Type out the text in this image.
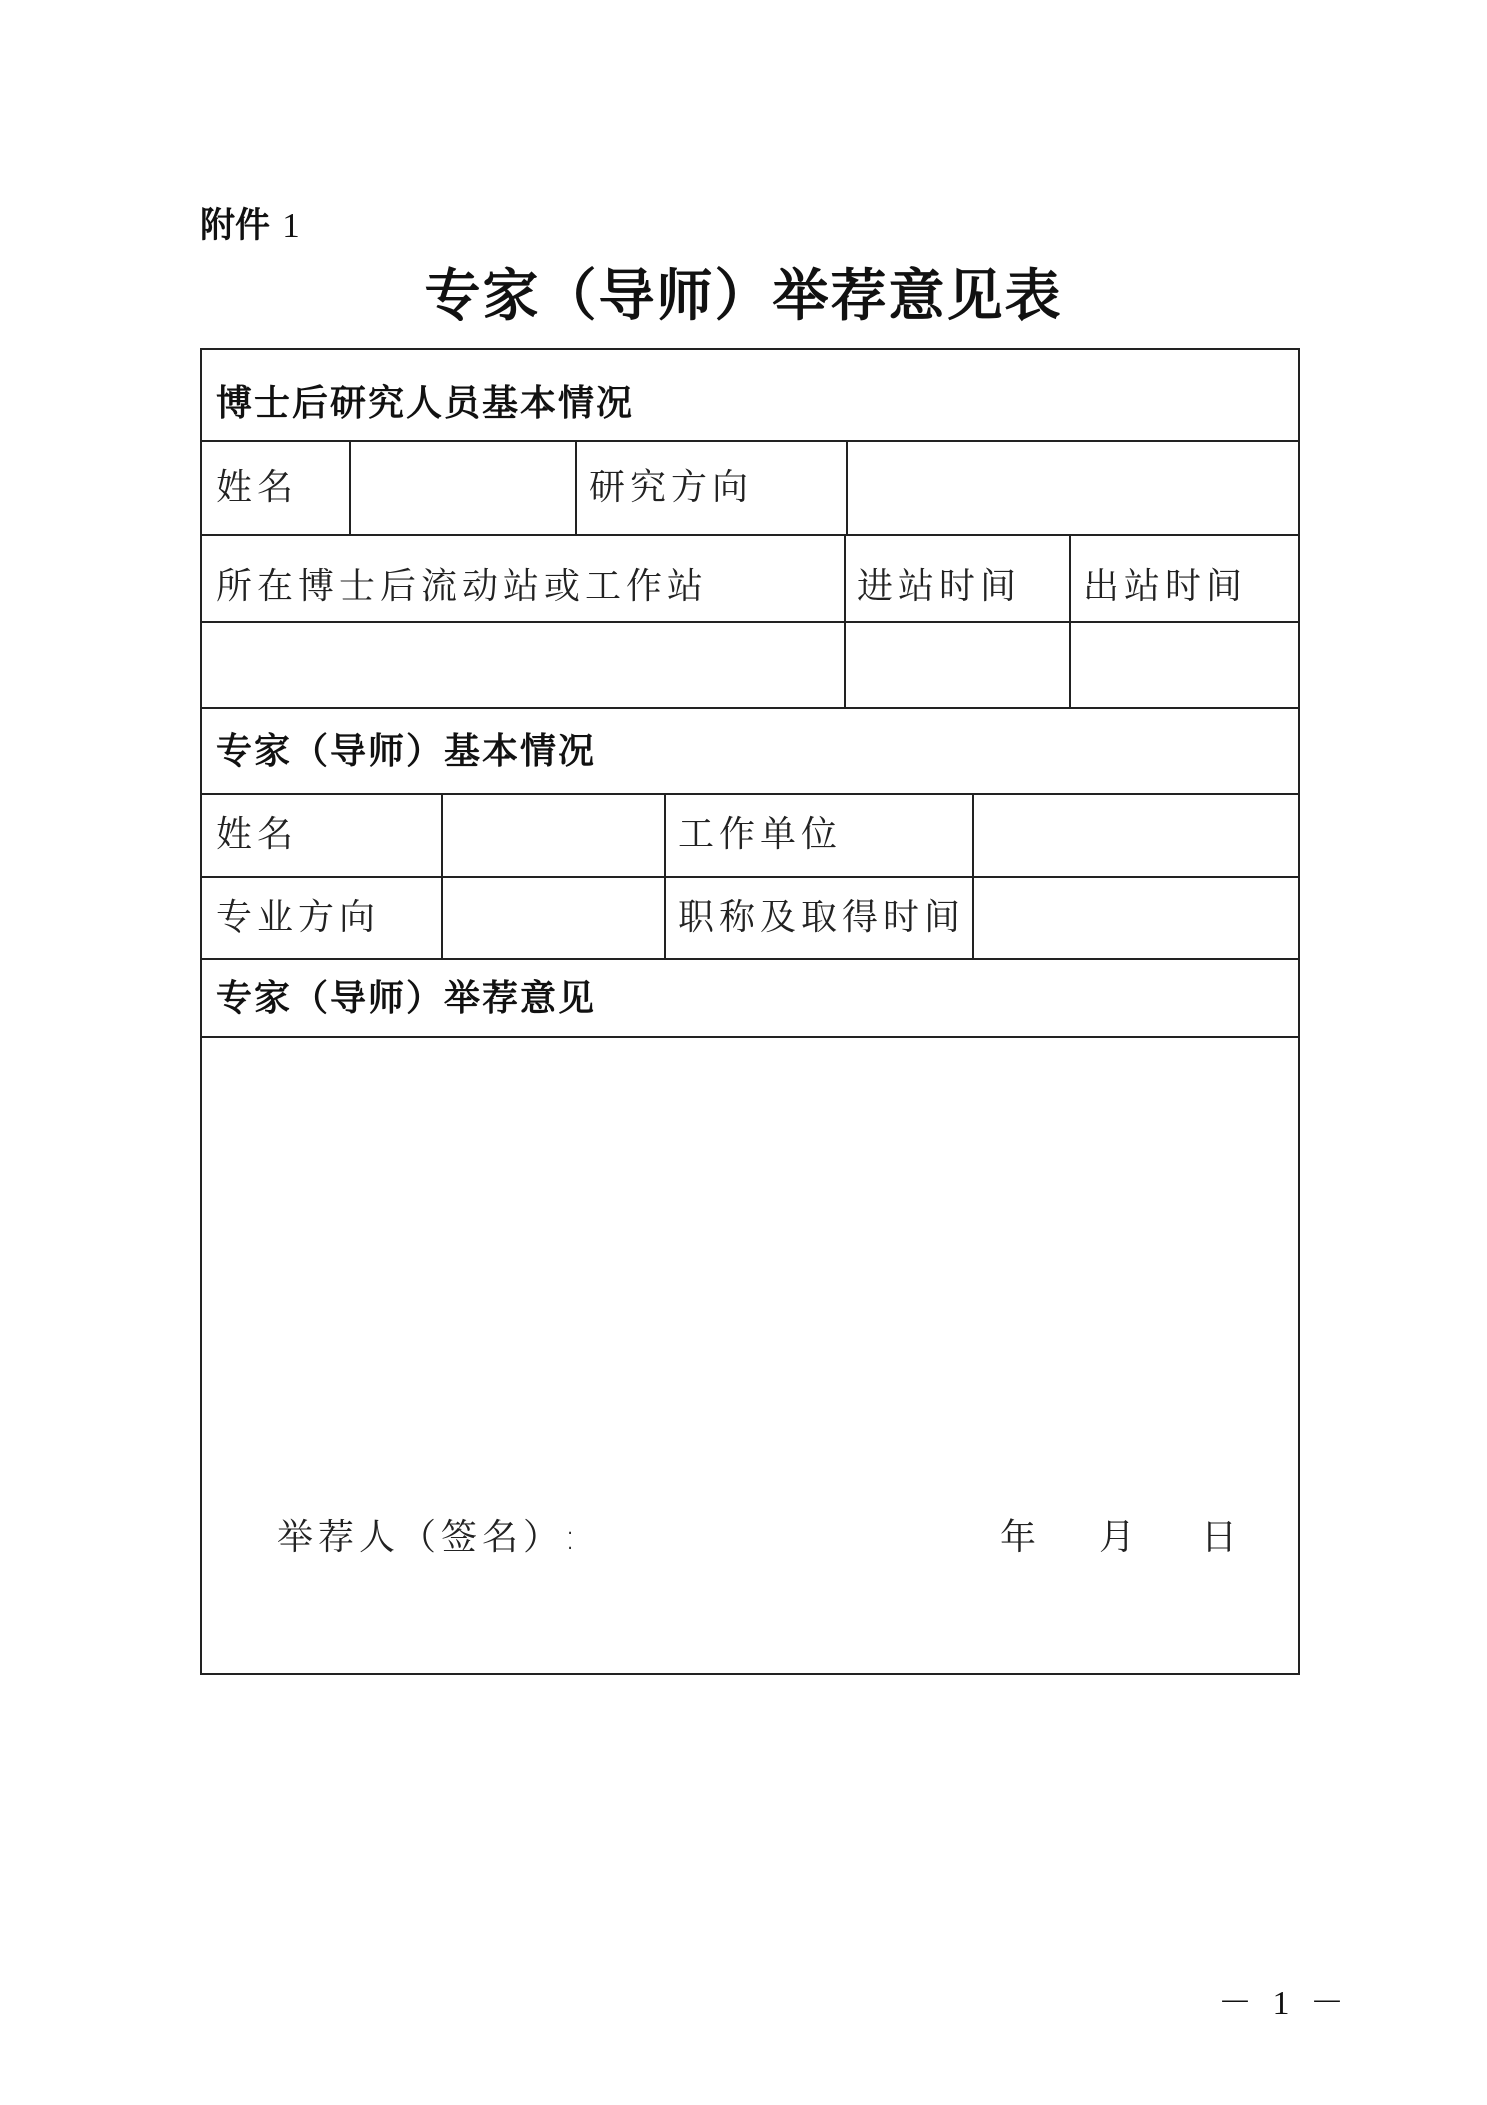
附件 1
专家（导师）举荐意见表
博士后研究人员基本情况
姓名	研究方向
所在博士后流动站或工作站	进站时间 出站时间
专家（导师）基本情况
姓名	工作单位
专业方向	职称及取得时间
专家（导师）举荐意见
举荐人（签名）:	年 月 日
－ 1 －
